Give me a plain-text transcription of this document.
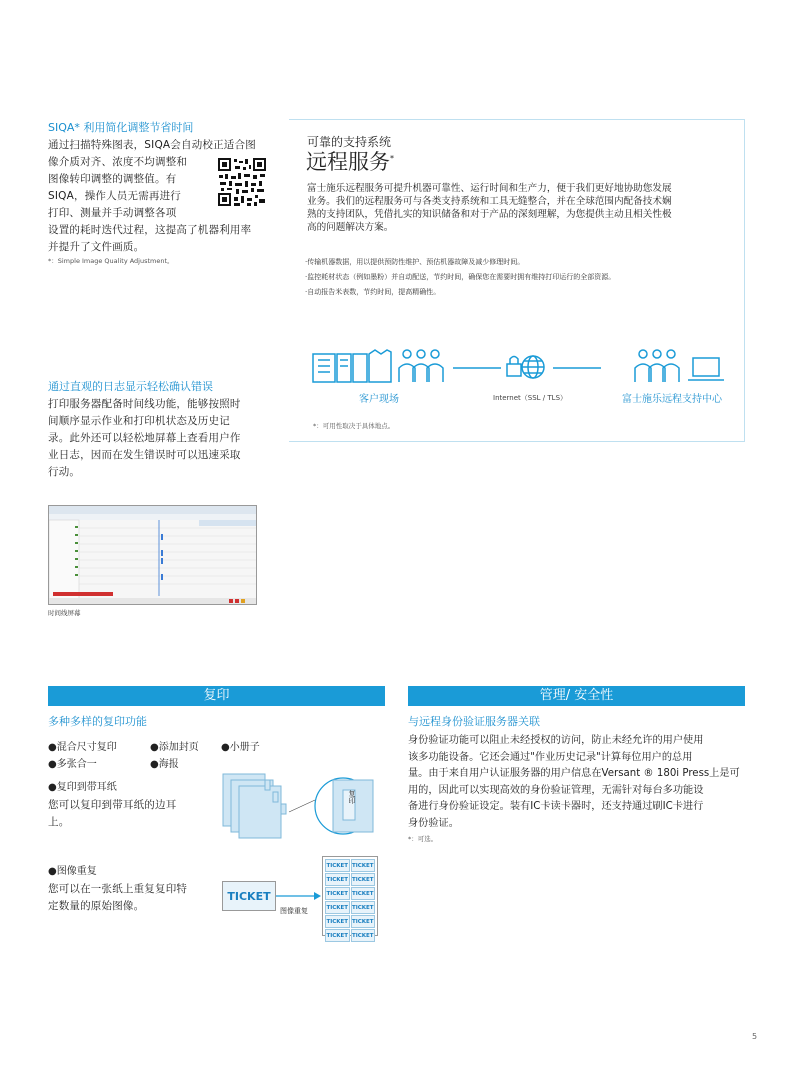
SIQA* 利用简化调整节省时间
通过扫描特殊图表，SIQA会自动校正适合图
像介质对齐、浓度不均调整和
图像转印调整的调整值。有
SIQA，操作人员无需再进行
打印、测量并手动调整各项
设置的耗时迭代过程，这提高了机器利用率
并提升了文件画质。
*：Simple Image Quality Adjustment。
可靠的支持系统
远程服务*
富士施乐远程服务可提升机器可靠性、运行时间和生产力，便于我们更好地协助您发展
业务。我们的远程服务可与各类支持系统和工具无缝整合，并在全球范围内配备技术娴
熟的支持团队，凭借扎实的知识储备和对于产品的深刻理解，为您提供主动且相关性极
高的问题解决方案。
·传输机器数据，用以提供预防性维护、预估机器故障及减少修理时间。
·监控耗材状态（例如墨粉）并自动配送，节约时间，确保您在需要时拥有维持打印运行的全部资源。
·自动报告米表数，节约时间，提高精确性。
客户现场	Internet（SSL / TLS）	富士施乐远程支持中心
*：可用性取决于具体地点。
通过直观的日志显示轻松确认错误
打印服务器配备时间线功能，能够按照时
间顺序显示作业和打印机状态及历史记
录。此外还可以轻松地屏幕上查看用户作
业日志，因而在发生错误时可以迅速采取
行动。
时间线屏幕
复印
多种多样的复印功能
●混合尺寸复印	●添加封页 ●小册子
●多张合一	●海报
●复印到带耳纸
您可以复印到带耳纸的边耳
上。
复印
●图像重复
您可以在一张纸上重复复印特
定数量的原始图像。
TICKET
图像重复
TICKET TICKET
TICKET TICKET
TICKET TICKET
TICKET TICKET
TICKET TICKET
TICKET TICKET
管理/ 安全性
与远程身份验证服务器关联
身份验证功能可以阻止未经授权的访问，防止未经允许的用户使用
该多功能设备。它还会通过"作业历史记录"计算每位用户的总用
量。由于来自用户认证服务器的用户信息在Versant ® 180i Press上是可
用的，因此可以实现高效的身份验证管理，无需针对每台多功能设
备进行身份验证设定。装有IC卡读卡器时，还支持通过刷IC卡进行
身份验证。
*：可选。
5
